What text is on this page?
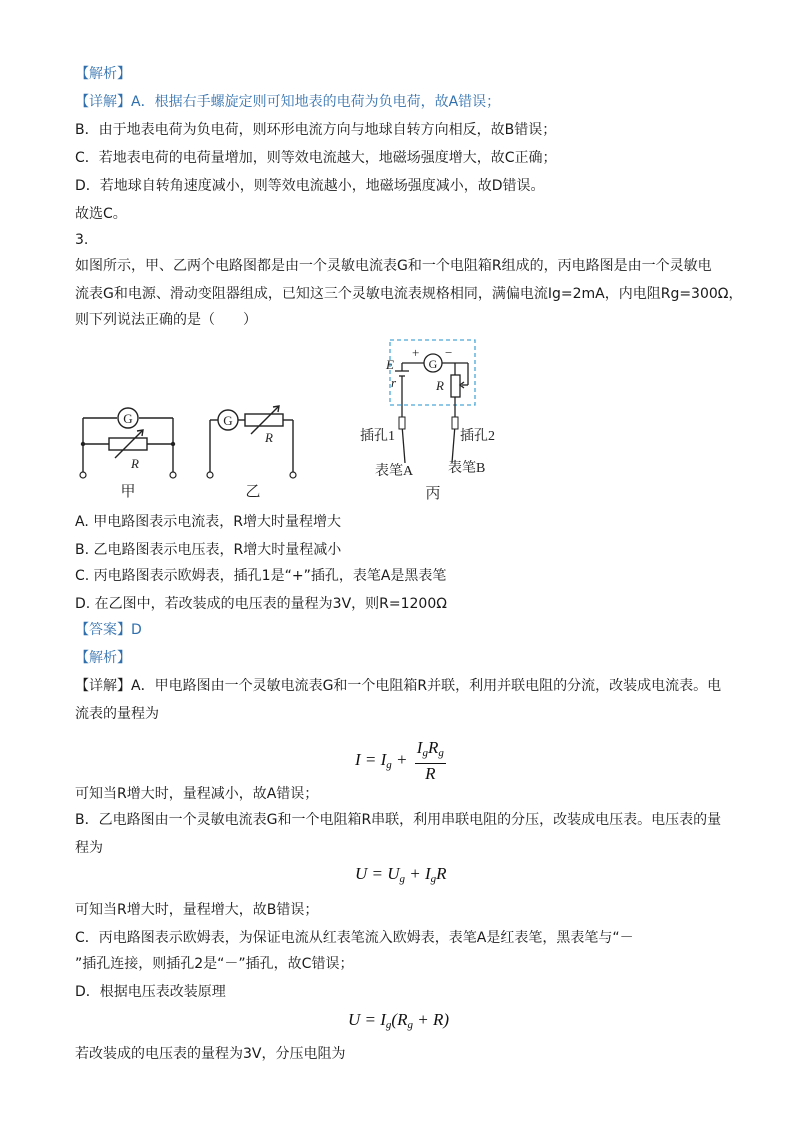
【解析】
【详解】A．根据右手螺旋定则可知地表的电荷为负电荷，故A错误；
B．由于地表电荷为负电荷，则环形电流方向与地球自转方向相反，故B错误；
C．若地表电荷的电荷量增加，则等效电流越大，地磁场强度增大，故C正确；
D．若地球自转角速度减小，则等效电流越小，地磁场强度减小，故D错误。
故选C。
3.
如图所示，甲、乙两个电路图都是由一个灵敏电流表G和一个电阻箱R组成的，丙电路图是由一个灵敏电
流表G和电源、滑动变阻器组成，已知这三个灵敏电流表规格相同，满偏电流Ig=2mA，内电阻Rg=300Ω，
则下列说法正确的是（　　）
G
R
甲
G
R
乙
G
+ −
E
r	R
插孔1	插孔2
表笔A 表笔B
丙
A. 甲电路图表示电流表，R增大时量程增大
B. 乙电路图表示电压表，R增大时量程减小
C. 丙电路图表示欧姆表，插孔1是“+”插孔，表笔A是黑表笔
D. 在乙图中，若改装成的电压表的量程为3V，则R=1200Ω
【答案】D
【解析】
【详解】A．甲电路图由一个灵敏电流表G和一个电阻箱R并联，利用并联电阻的分流，改装成电流表。电
流表的量程为
$I = I_g + \frac{I_gR_g}{R}$
可知当R增大时，量程减小，故A错误；
B．乙电路图由一个灵敏电流表G和一个电阻箱R串联，利用串联电阻的分压，改装成电压表。电压表的量
程为
$U = U_g + I_gR$
可知当R增大时，量程增大，故B错误；
C．丙电路图表示欧姆表，为保证电流从红表笔流入欧姆表，表笔A是红表笔，黑表笔与“－
”插孔连接，则插孔2是“－”插孔，故C错误；
D．根据电压表改装原理
$U = I_g(R_g + R)$
若改装成的电压表的量程为3V，分压电阻为
